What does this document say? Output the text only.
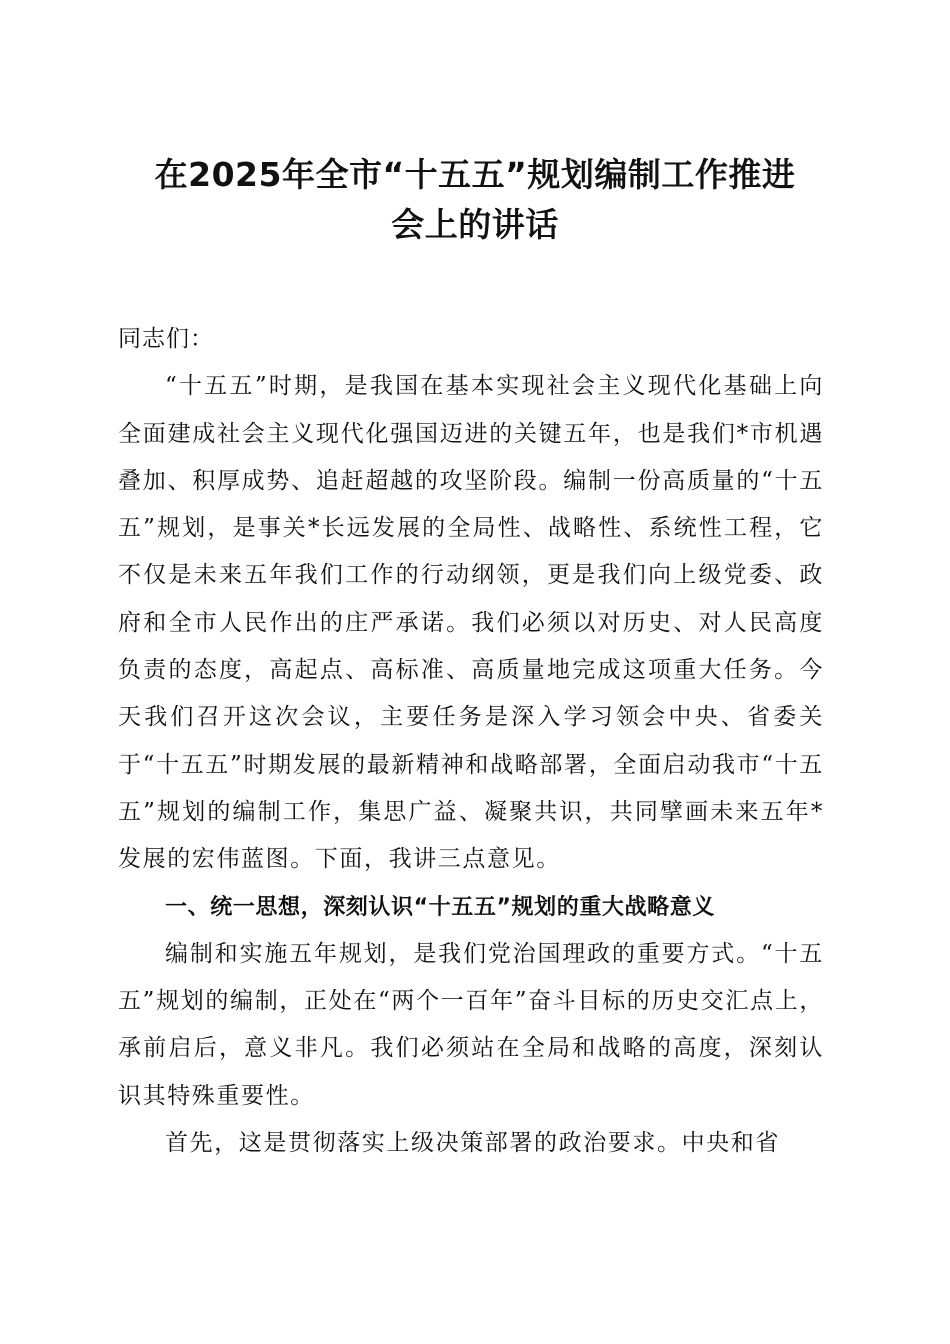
在2025年全市“十五五”规划编制工作推进
会上的讲话

同志们：

“十五五”时期，是我国在基本实现社会主义现代化基础上向全面建成社会主义现代化强国迈进的关键五年，也是我们*市机遇叠加、积厚成势、追赶超越的攻坚阶段。编制一份高质量的“十五五”规划，是事关*长远发展的全局性、战略性、系统性工程，它不仅是未来五年我们工作的行动纲领，更是我们向上级党委、政府和全市人民作出的庄严承诺。我们必须以对历史、对人民高度负责的态度，高起点、高标准、高质量地完成这项重大任务。今天我们召开这次会议，主要任务是深入学习领会中央、省委关于“十五五”时期发展的最新精神和战略部署，全面启动我市“十五五”规划的编制工作，集思广益、凝聚共识，共同擘画未来五年*发展的宏伟蓝图。下面，我讲三点意见。

一、统一思想，深刻认识“十五五”规划的重大战略意义

编制和实施五年规划，是我们党治国理政的重要方式。“十五五”规划的编制，正处在“两个一百年”奋斗目标的历史交汇点上，承前启后，意义非凡。我们必须站在全局和战略的高度，深刻认识其特殊重要性。

首先，这是贯彻落实上级决策部署的政治要求。中央和省
